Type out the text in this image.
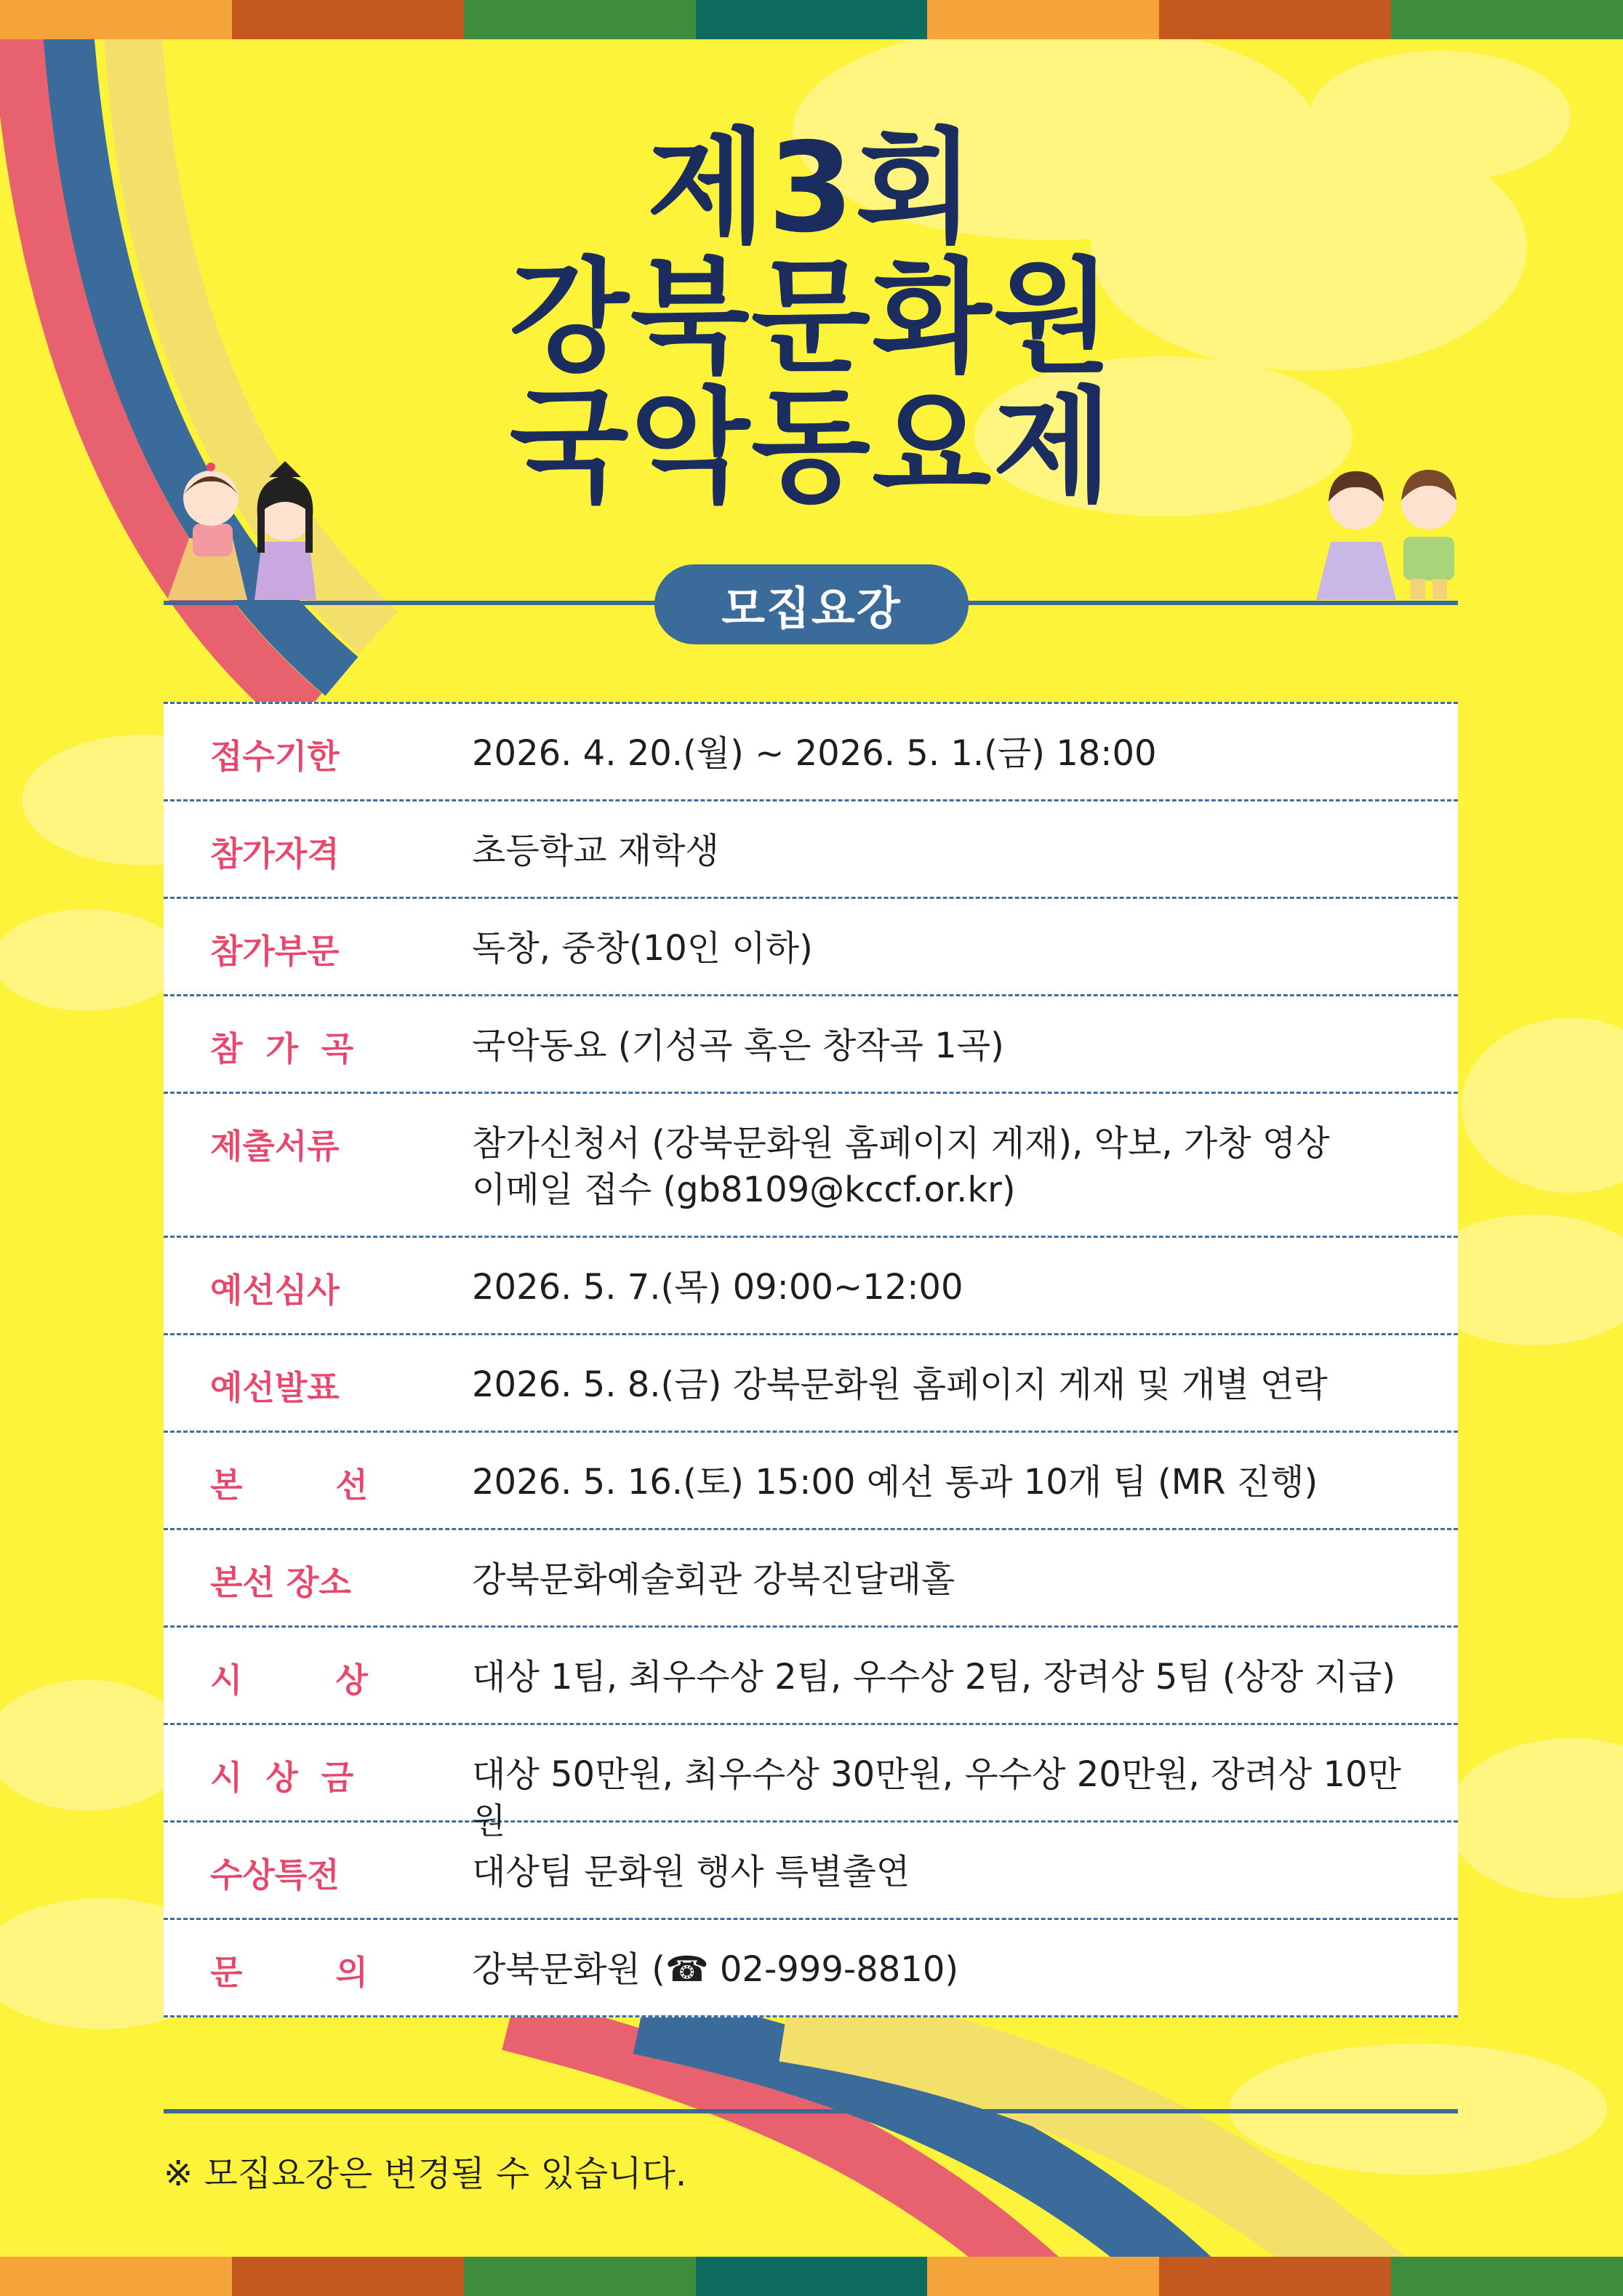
제3회
강북문화원
국악동요제
모집요강
접수기한	2026. 4. 20.(월) ~ 2026. 5. 1.(금) 18:00
참가자격	초등학교 재학생
참가부문	독창, 중창(10인 이하)
참  가  곡	국악동요 (기성곡 혹은 창작곡 1곡)
제출서류	참가신청서 (강북문화원 홈페이지 게재), 악보, 가창 영상
이메일 접수 (gb8109@kccf.or.kr)
예선심사	2026. 5. 7.(목) 09:00~12:00
예선발표	2026. 5. 8.(금) 강북문화원 홈페이지 게재 및 개별 연락
본        선	2026. 5. 16.(토) 15:00 예선 통과 10개 팀 (MR 진행)
본선 장소	강북문화예술회관 강북진달래홀
시        상	대상 1팀, 최우수상 2팀, 우수상 2팀, 장려상 5팀 (상장 지급)
시  상  금	대상 50만원, 최우수상 30만원, 우수상 20만원, 장려상 10만원
수상특전	대상팀 문화원 행사 특별출연
문        의	강북문화원 (☎ 02-999-8810)
※ 모집요강은 변경될 수 있습니다.
